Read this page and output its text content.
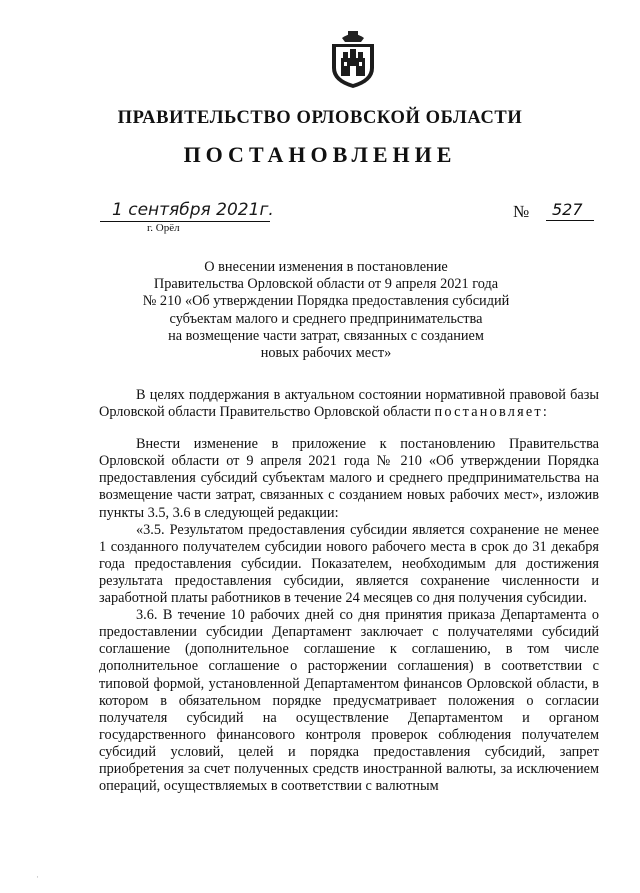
ПРАВИТЕЛЬСТВО ОРЛОВСКОЙ ОБЛАСТИ
ПОСТАНОВЛЕНИЕ
1 сентября 2021г.
г. Орёл
№ 527
О внесении изменения в постановление
Правительства Орловской области от 9 апреля 2021 года
№ 210 «Об утверждении Порядка предоставления субсидий
субъектам малого и среднего предпринимательства
на возмещение части затрат, связанных с созданием
новых рабочих мест»

В целях поддержания в актуальном состоянии нормативной правовой базы Орловской области Правительство Орловской области постановляет:

Внести изменение в приложение к постановлению Правительства Орловской области от 9 апреля 2021 года № 210 «Об утверждении Порядка предоставления субсидий субъектам малого и среднего предпринимательства на возмещение части затрат, связанных с созданием новых рабочих мест», изложив пункты 3.5, 3.6 в следующей редакции:

«3.5. Результатом предоставления субсидии является сохранение не менее 1 созданного получателем субсидии нового рабочего места в срок до 31 декабря года предоставления субсидии. Показателем, необходимым для достижения результата предоставления субсидии, является сохранение численности и заработной платы работников в течение 24 месяцев со дня получения субсидии.

3.6. В течение 10 рабочих дней со дня принятия приказа Департамента о предоставлении субсидии Департамент заключает с получателями субсидий соглашение (дополнительное соглашение к соглашению, в том числе дополнительное соглашение о расторжении соглашения) в соответствии с типовой формой, установленной Департаментом финансов Орловской области, в котором в обязательном порядке предусматривает положения о согласии получателя субсидий на осуществление Департаментом и органом государственного финансового контроля проверок соблюдения получателем субсидий условий, целей и порядка предоставления субсидий, запрет приобретения за счет полученных средств иностранной валюты, за исключением операций, осуществляемых в соответствии с валютным

·
